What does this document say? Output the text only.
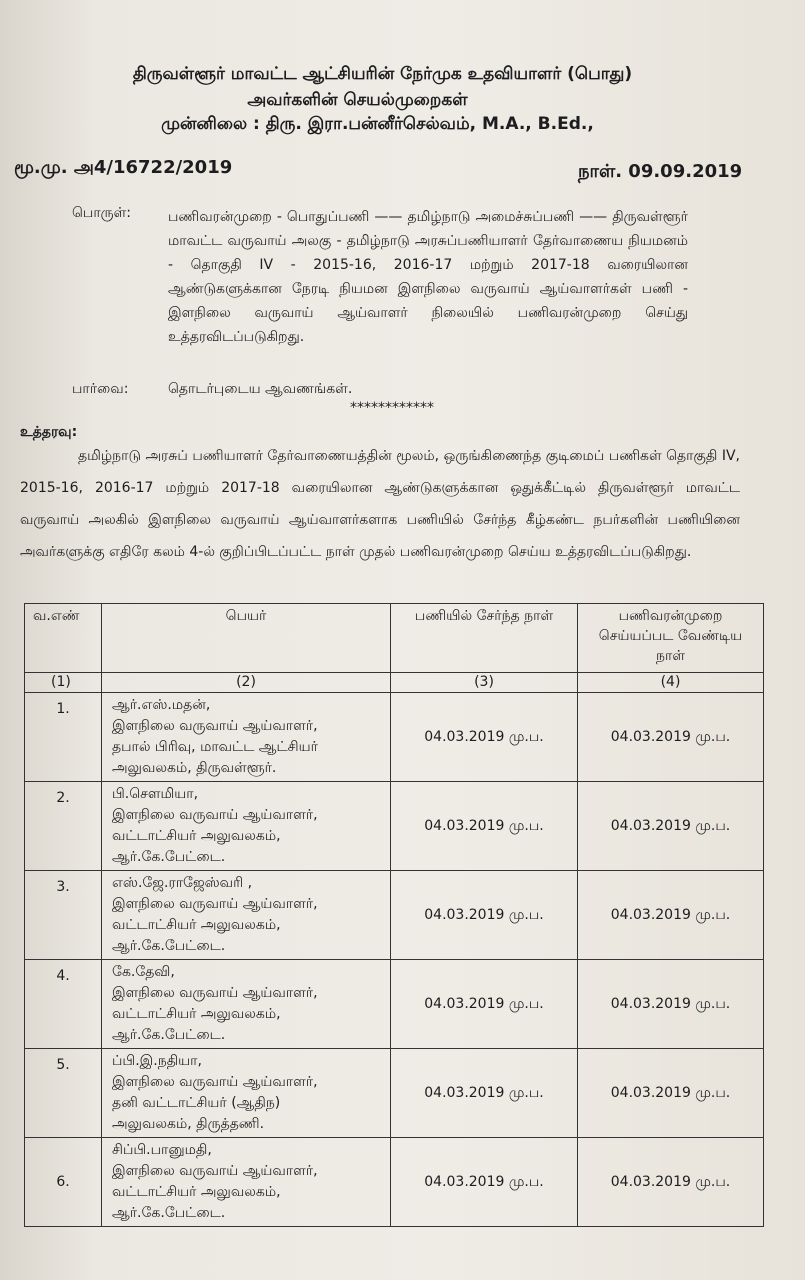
திருவள்ளூர் மாவட்ட ஆட்சியரின் நேர்முக உதவியாளர் (பொது)
அவர்களின் செயல்முறைகள்
முன்னிலை : திரு. இரா.பன்னீர்செல்வம், M.A., B.Ed.,
மூ.மு. அ4/16722/2019	நாள். 09.09.2019
பொருள்:	பணிவரன்முறை - பொதுப்பணி —— தமிழ்நாடு அமைச்சுப்பணி —— திருவள்ளூர் மாவட்ட வருவாய் அலகு - தமிழ்நாடு அரசுப்பணியாளர் தேர்வாணைய நியமனம் - தொகுதி IV - 2015-16, 2016-17 மற்றும் 2017-18 வரையிலான ஆண்டுகளுக்கான நேரடி நியமன இளநிலை வருவாய் ஆய்வாளர்கள் பணி - இளநிலை வருவாய் ஆய்வாளர் நிலையில் பணிவரன்முறை செய்து உத்தரவிடப்படுகிறது.
பார்வை:	தொடர்புடைய ஆவணங்கள்.
************
உத்தரவு:
தமிழ்நாடு அரசுப் பணியாளர் தேர்வாணையத்தின் மூலம், ஒருங்கிணைந்த குடிமைப் பணிகள் தொகுதி IV, 2015-16, 2016-17 மற்றும் 2017-18 வரையிலான ஆண்டுகளுக்கான ஒதுக்கீட்டில் திருவள்ளூர் மாவட்ட வருவாய் அலகில் இளநிலை வருவாய் ஆய்வாளர்களாக பணியில் சேர்ந்த கீழ்கண்ட நபர்களின் பணியினை அவர்களுக்கு எதிரே கலம் 4-ல் குறிப்பிடப்பட்ட நாள் முதல் பணிவரன்முறை செய்ய உத்தரவிடப்படுகிறது.
வ.எண்	பெயர்	பணியில் சேர்ந்த நாள்	பணிவரன்முறை செய்யப்பட வேண்டிய நாள்
(1)	(2)	(3)	(4)
1.	ஆர்.எஸ்.மதன்,
இளநிலை வருவாய் ஆய்வாளர்,
தபால் பிரிவு, மாவட்ட ஆட்சியர்
அலுவலகம், திருவள்ளூர்.	04.03.2019 மு.ப.	04.03.2019 மு.ப.
2.	பி.சௌமியா,
இளநிலை வருவாய் ஆய்வாளர்,
வட்டாட்சியர் அலுவலகம்,
ஆர்.கே.பேட்டை.	04.03.2019 மு.ப.	04.03.2019 மு.ப.
3.	எஸ்.ஜே.ராஜேஸ்வரி ,
இளநிலை வருவாய் ஆய்வாளர்,
வட்டாட்சியர் அலுவலகம்,
ஆர்.கே.பேட்டை.	04.03.2019 மு.ப.	04.03.2019 மு.ப.
4.	கே.தேவி,
இளநிலை வருவாய் ஆய்வாளர்,
வட்டாட்சியர் அலுவலகம்,
ஆர்.கே.பேட்டை.	04.03.2019 மு.ப.	04.03.2019 மு.ப.
5.	ப்பி.இ.நதியா,
இளநிலை வருவாய் ஆய்வாளர்,
தனி வட்டாட்சியர் (ஆதிந)
அலுவலகம், திருத்தணி.	04.03.2019 மு.ப.	04.03.2019 மு.ப.
6.	சிப்பி.பானுமதி,
இளநிலை வருவாய் ஆய்வாளர்,
வட்டாட்சியர் அலுவலகம்,
ஆர்.கே.பேட்டை.	04.03.2019 மு.ப.	04.03.2019 மு.ப.
